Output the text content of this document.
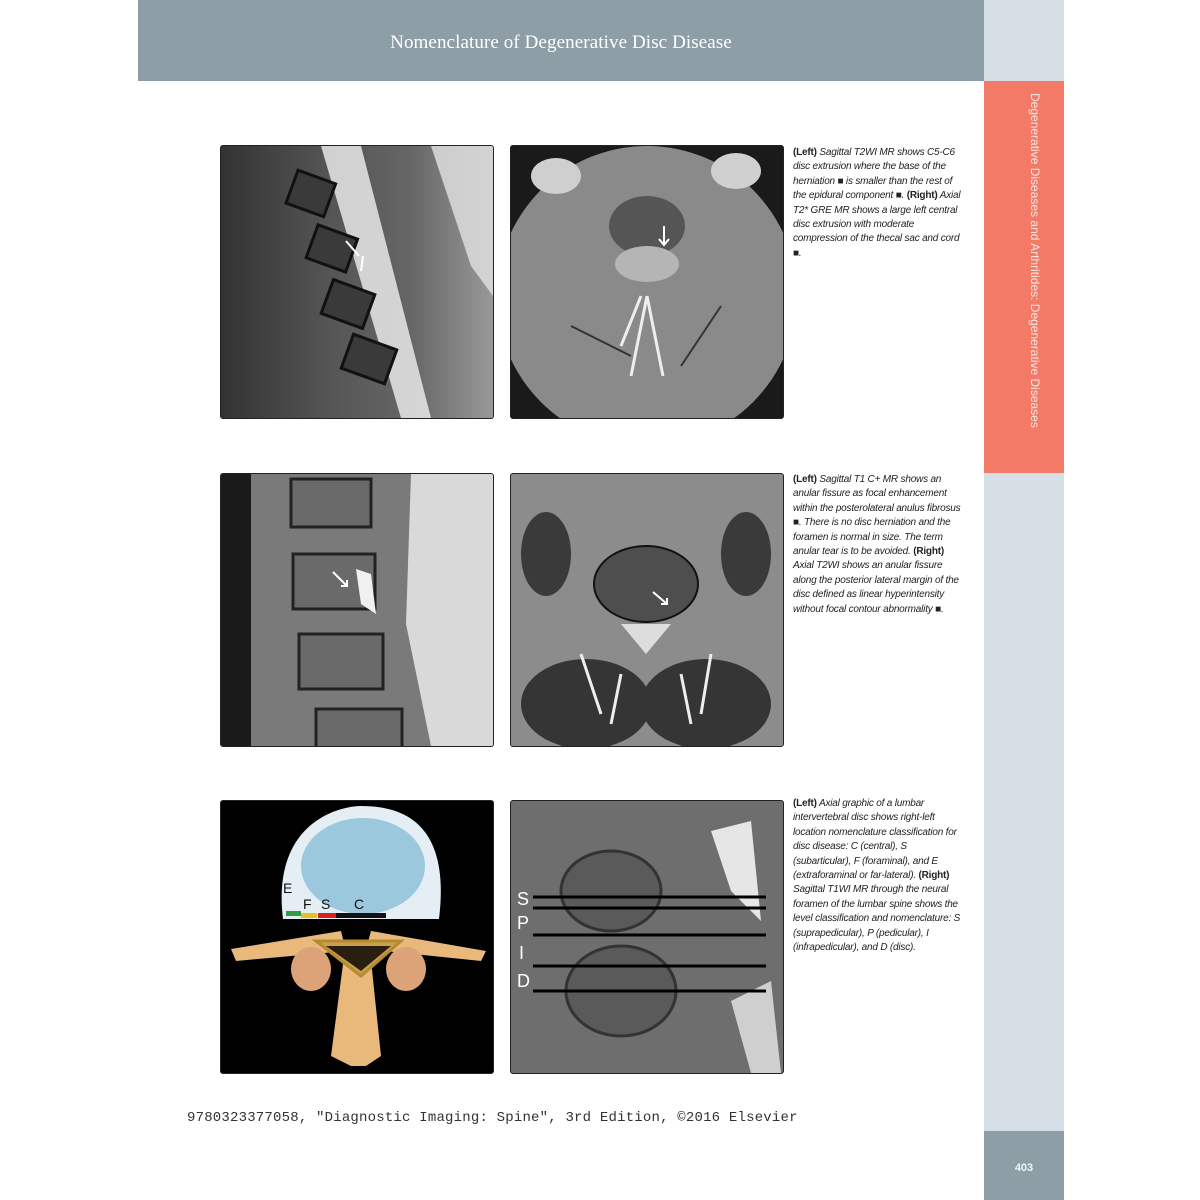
Nomenclature of Degenerative Disc Disease
Degenerative Diseases and Arthritides: Degenerative Diseases
(Left) Sagittal T2WI MR shows C5-C6 disc extrusion where the base of the herniation ■ is smaller than the rest of the epidural component ■. (Right) Axial T2* GRE MR shows a large left central disc extrusion with moderate compression of the thecal sac and cord ■.
(Left) Sagittal T1 C+ MR shows an anular fissure as focal enhancement within the posterolateral anulus fibrosus ■. There is no disc herniation and the foramen is normal in size. The term anular tear is to be avoided. (Right) Axial T2WI shows an anular fissure along the posterior lateral margin of the disc defined as linear hyperintensity without focal contour abnormality ■.
E
F S C	S
P
I
D
(Left) Axial graphic of a lumbar intervertebral disc shows right-left location nomenclature classification for disc disease: C (central), S (subarticular), F (foraminal), and E (extraforaminal or far-lateral). (Right) Sagittal T1WI MR through the neural foramen of the lumbar spine shows the level classification and nomenclature: S (suprapedicular), P (pedicular), I (infrapedicular), and D (disc).
9780323377058, "Diagnostic Imaging: Spine", 3rd Edition, ©2016 Elsevier
403
